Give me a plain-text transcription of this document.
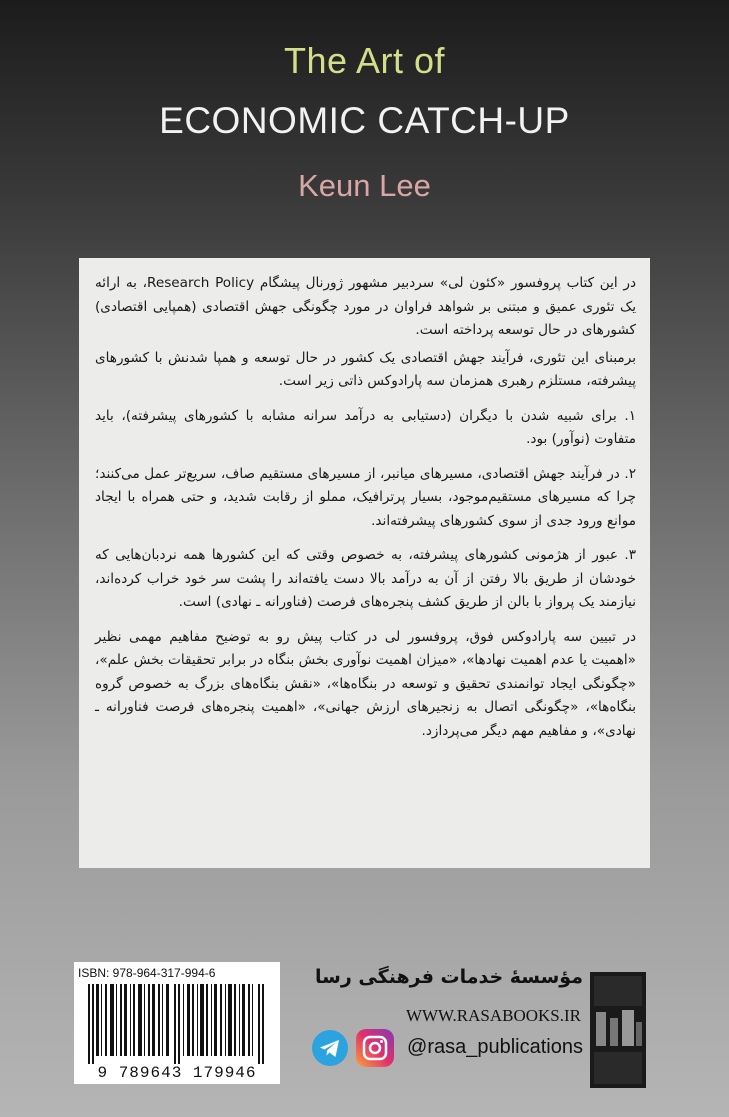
The Art of
ECONOMIC CATCH-UP
Keun Lee

در این کتاب پروفسور «کئون لی» سردبیر مشهور ژورنال پیشگام Research Policy، به ارائه یک تئوری عمیق و مبتنی بر شواهد فراوان در مورد چگونگی جهش اقتصادی (همپایی اقتصادی) کشورهای در حال توسعه پرداخته است.

برمبنای این تئوری، فرآیند جهش اقتصادی یک کشور در حال توسعه و همپا شدنش با کشورهای پیشرفته، مستلزم رهبری همزمان سه پارادوکس ذاتی زیر است.

۱. برای شبیه شدن با دیگران (دستیابی به درآمد سرانه مشابه با کشورهای پیشرفته)، باید متفاوت (نوآور) بود.

۲. در فرآیند جهش اقتصادی، مسیرهای میانبر، از مسیرهای مستقیم صاف، سریع‌تر عمل می‌کنند؛ چرا که مسیرهای مستقیم‌موجود، بسیار پرترافیک، مملو از رقابت شدید، و حتی همراه با ایجاد موانع ورود جدی از سوی کشورهای پیشرفته‌اند.

۳. عبور از هژمونی کشورهای پیشرفته، به خصوص وقتی که این کشورها همه نردبان‌هایی که خودشان از طریق بالا رفتن از آن به درآمد بالا دست یافته‌اند را پشت سر خود خراب کرده‌اند، نیازمند یک پرواز با بالن از طریق کشف پنجره‌های فرصت (فناورانه ـ نهادی) است.

در تبیین سه پارادوکس فوق، پروفسور لی در کتاب پیش رو به توضیح مفاهیم مهمی نظیر «اهمیت یا عدم اهمیت نهادها»، «میزان اهمیت نوآوری بخش بنگاه در برابر تحقیقات بخش علم»، «چگونگی ایجاد توانمندی تحقیق و توسعه در بنگاه‌ها»، «نقش بنگاه‌های بزرگ به خصوص گروه بنگاه‌ها»، «چگونگی اتصال به زنجیرهای ارزش جهانی»، «اهمیت پنجره‌های فرصت فناورانه ـ نهادی»، و مفاهیم مهم دیگر می‌پردازد.

ISBN: 978-964-317-994-6
9 789643 179946
مؤسسهٔ خدمات فرهنگی رسا
WWW.RASABOOKS.IR
@rasa_publications
